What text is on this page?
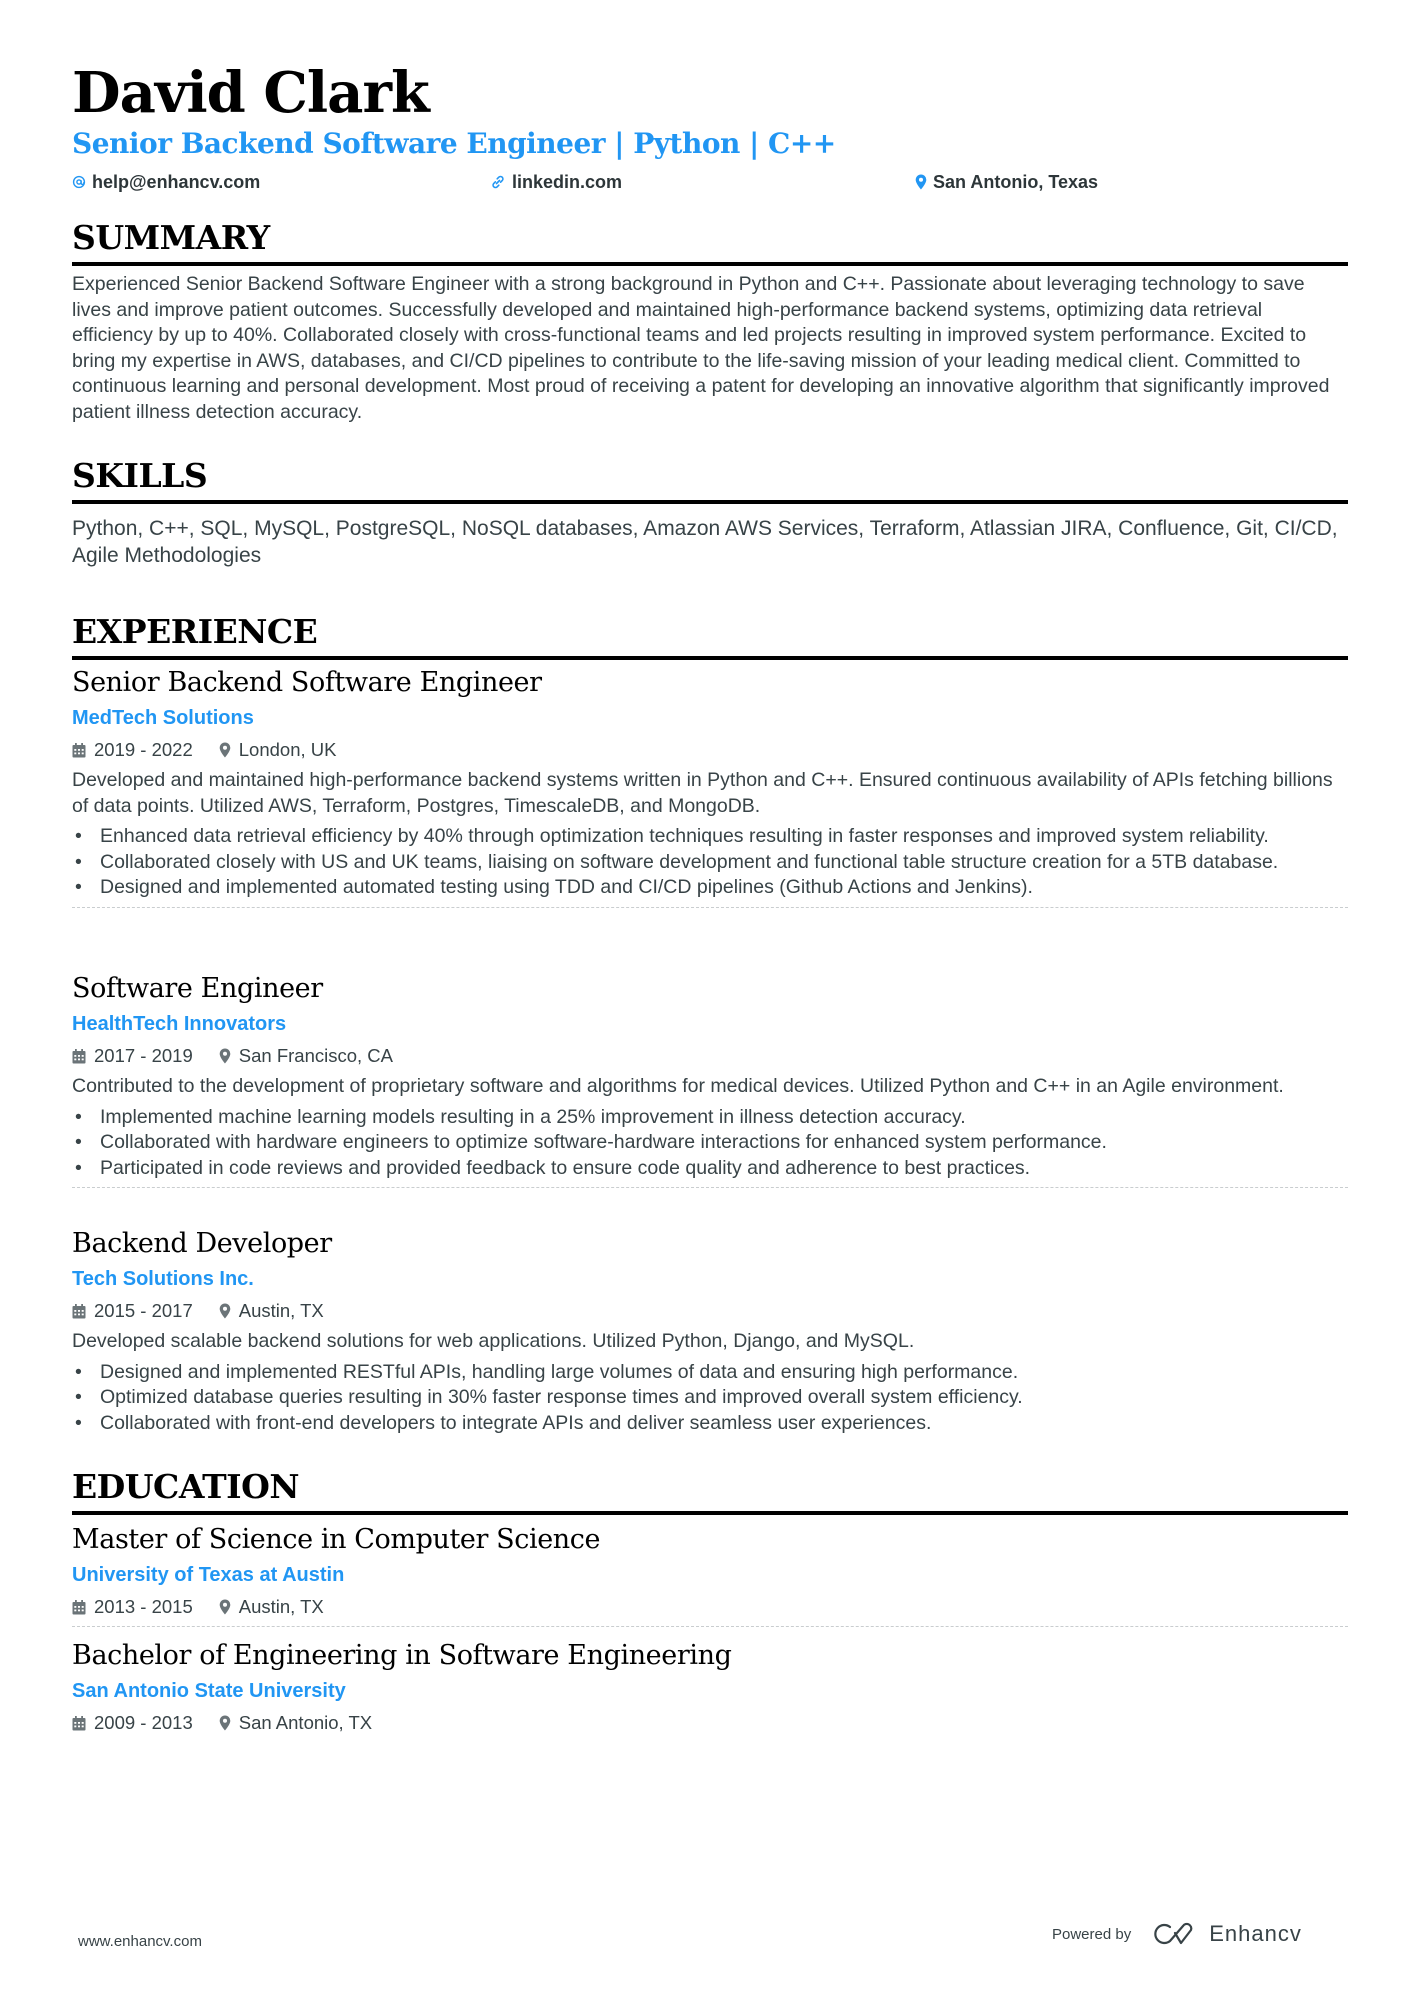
David Clark
Senior Backend Software Engineer | Python | C++
help@enhancv.com	linkedin.com	San Antonio, Texas
SUMMARY
Experienced Senior Backend Software Engineer with a strong background in Python and C++. Passionate about leveraging technology to save lives and improve patient outcomes. Successfully developed and maintained high-performance backend systems, optimizing data retrieval efficiency by up to 40%. Collaborated closely with cross-functional teams and led projects resulting in improved system performance. Excited to bring my expertise in AWS, databases, and CI/CD pipelines to contribute to the life-saving mission of your leading medical client. Committed to continuous learning and personal development. Most proud of receiving a patent for developing an innovative algorithm that significantly improved patient illness detection accuracy.
SKILLS
Python, C++, SQL, MySQL, PostgreSQL, NoSQL databases, Amazon AWS Services, Terraform, Atlassian JIRA, Confluence, Git, CI/CD, Agile Methodologies
EXPERIENCE
Senior Backend Software Engineer
MedTech Solutions
2019 - 2022 London, UK
Developed and maintained high-performance backend systems written in Python and C++. Ensured continuous availability of APIs fetching billions of data points. Utilized AWS, Terraform, Postgres, TimescaleDB, and MongoDB.
• Enhanced data retrieval efficiency by 40% through optimization techniques resulting in faster responses and improved system reliability.
• Collaborated closely with US and UK teams, liaising on software development and functional table structure creation for a 5TB database.
• Designed and implemented automated testing using TDD and CI/CD pipelines (Github Actions and Jenkins).
Software Engineer
HealthTech Innovators
2017 - 2019 San Francisco, CA
Contributed to the development of proprietary software and algorithms for medical devices. Utilized Python and C++ in an Agile environment.
• Implemented machine learning models resulting in a 25% improvement in illness detection accuracy.
• Collaborated with hardware engineers to optimize software-hardware interactions for enhanced system performance.
• Participated in code reviews and provided feedback to ensure code quality and adherence to best practices.
Backend Developer
Tech Solutions Inc.
2015 - 2017 Austin, TX
Developed scalable backend solutions for web applications. Utilized Python, Django, and MySQL.
• Designed and implemented RESTful APIs, handling large volumes of data and ensuring high performance.
• Optimized database queries resulting in 30% faster response times and improved overall system efficiency.
• Collaborated with front-end developers to integrate APIs and deliver seamless user experiences.
EDUCATION
Master of Science in Computer Science
University of Texas at Austin
2013 - 2015 Austin, TX
Bachelor of Engineering in Software Engineering
San Antonio State University
2009 - 2013 San Antonio, TX
www.enhancv.com	Powered by	Enhancv
